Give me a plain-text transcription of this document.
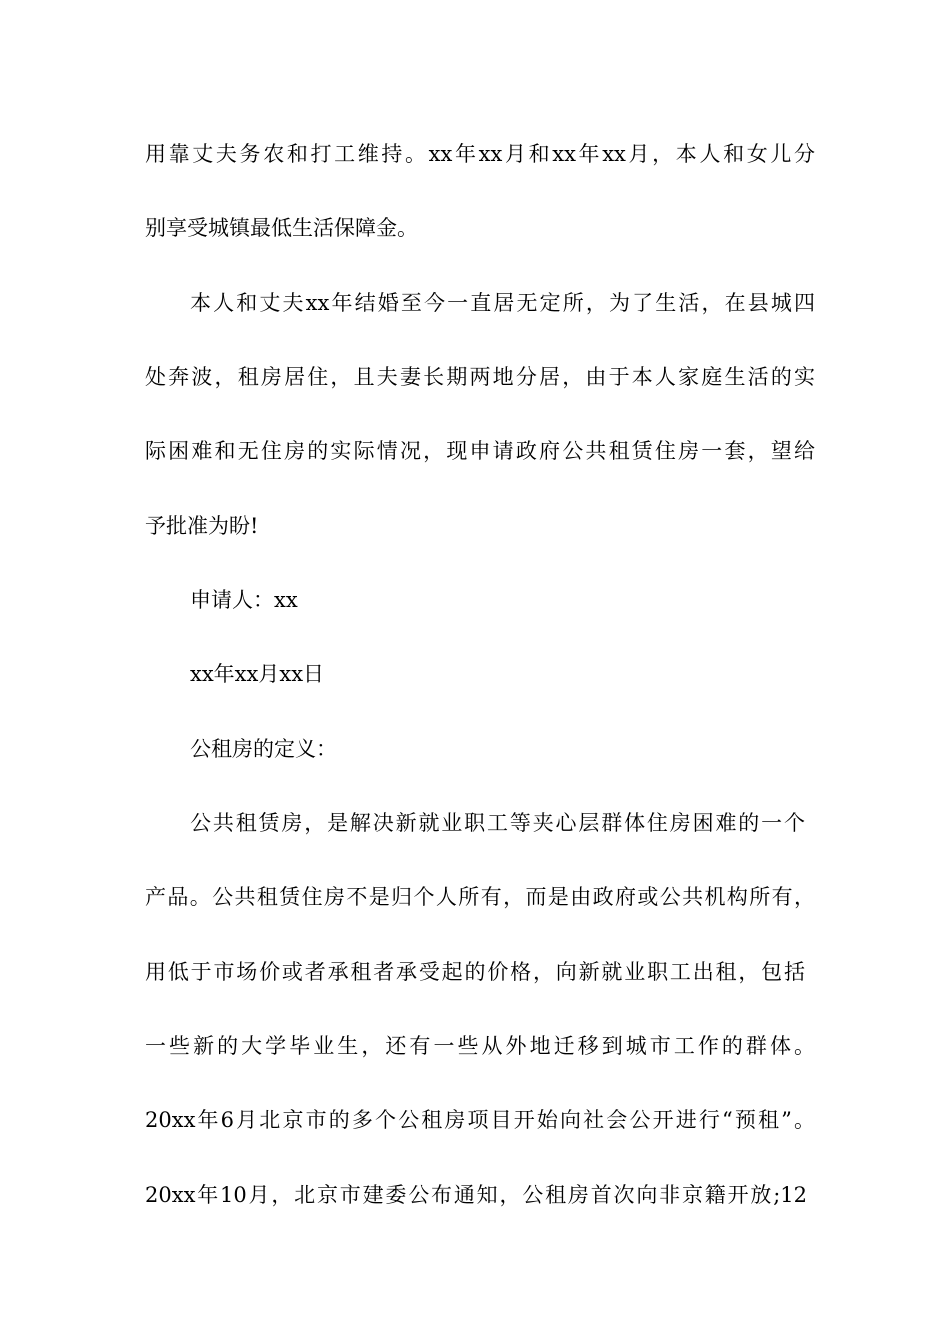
用靠丈夫务农和打工维持。xx年xx月和xx年xx月，本人和女儿分
别享受城镇最低生活保障金。
本人和丈夫xx年结婚至今一直居无定所，为了生活，在县城四
处奔波，租房居住，且夫妻长期两地分居，由于本人家庭生活的实
际困难和无住房的实际情况，现申请政府公共租赁住房一套，望给
予批准为盼!
申请人：xx
xx年xx月xx日
公租房的定义：
公共租赁房，是解决新就业职工等夹心层群体住房困难的一个
产品。公共租赁住房不是归个人所有，而是由政府或公共机构所有，
用低于市场价或者承租者承受起的价格，向新就业职工出租，包括
一些新的大学毕业生，还有一些从外地迁移到城市工作的群体。
20xx年6月北京市的多个公租房项目开始向社会公开进行“预租”。
20xx年10月，北京市建委公布通知，公租房首次向非京籍开放;12
